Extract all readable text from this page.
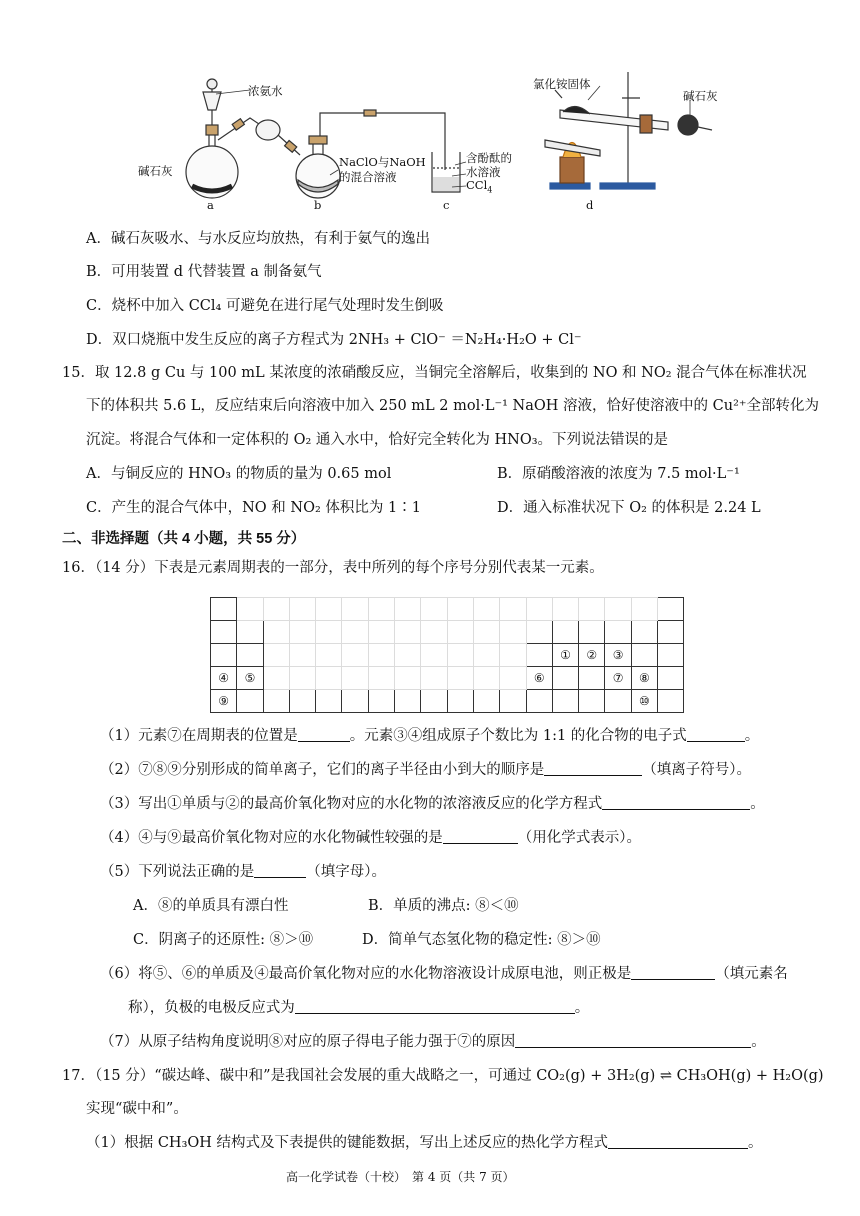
浓氨水
碱石灰
NaClO与NaOH
的混合溶液
含酚酞的
水溶液
CCl$_4$
氯化铵固体
碱石灰
a	b	c	d
A．碱石灰吸水、与水反应均放热，有利于氨气的逸出
B．可用装置 d 代替装置 a 制备氨气
C．烧杯中加入 CCl₄ 可避免在进行尾气处理时发生倒吸
D．双口烧瓶中发生反应的离子方程式为 2NH₃ + ClO⁻ ＝N₂H₄·H₂O + Cl⁻
15．取 12.8 g Cu 与 100 mL 某浓度的浓硝酸反应，当铜完全溶解后，收集到的 NO 和 NO₂ 混合气体在标准状况
下的体积共 5.6 L，反应结束后向溶液中加入 250 mL 2 mol·L⁻¹ NaOH 溶液，恰好使溶液中的 Cu²⁺全部转化为
沉淀。将混合气体和一定体积的 O₂ 通入水中，恰好完全转化为 HNO₃。下列说法错误的是
A．与铜反应的 HNO₃ 的物质的量为 0.65 mol	B．原硝酸溶液的浓度为 7.5 mol·L⁻¹
C．产生的混合气体中，NO 和 NO₂ 体积比为 1∶1	D．通入标准状况下 O₂ 的体积是 2.24 L
二、非选择题（共 4 小题，共 55 分）
16．（14 分）下表是元素周期表的一部分，表中所列的每个序号分别代表某一元素。

													①	②	③		
④	⑤											⑥			⑦	⑧	
⑨																⑩	
（1）元素⑦在周期表的位置是	。元素③④组成原子个数比为 1:1 的化合物的电子式	。
（2）⑦⑧⑨分别形成的简单离子，它们的离子半径由小到大的顺序是	（填离子符号）。
（3）写出①单质与②的最高价氧化物对应的水化物的浓溶液反应的化学方程式	。
（4）④与⑨最高价氧化物对应的水化物碱性较强的是	（用化学式表示）。
（5）下列说法正确的是	（填字母）。
A．⑧的单质具有漂白性	B．单质的沸点: ⑧＜⑩
C．阴离子的还原性: ⑧＞⑩	D．简单气态氢化物的稳定性: ⑧＞⑩
（6）将⑤、⑥的单质及④最高价氧化物对应的水化物溶液设计成原电池，则正极是	（填元素名
称），负极的电极反应式为	。
（7）从原子结构角度说明⑧对应的原子得电子能力强于⑦的原因	。
17．（15 分）“碳达峰、碳中和”是我国社会发展的重大战略之一，可通过 CO₂(g) + 3H₂(g) ⇌ CH₃OH(g) + H₂O(g)
实现“碳中和”。
（1）根据 CH₃OH 结构式及下表提供的键能数据，写出上述反应的热化学方程式	。
高一化学试卷（十校）　第 4 页（共 7 页）
